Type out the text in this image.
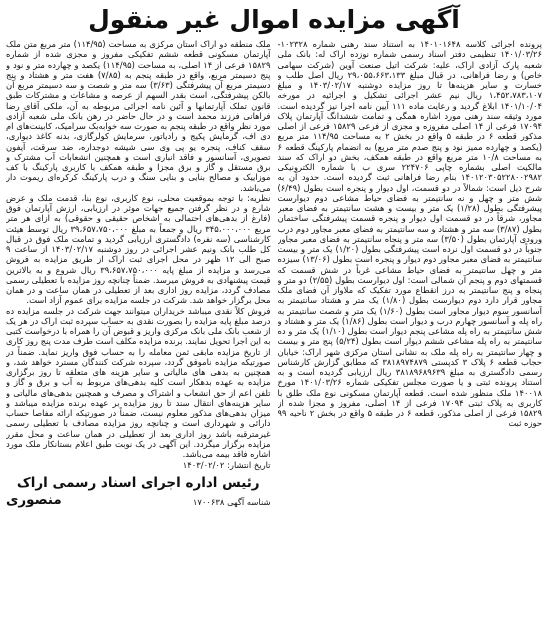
آگهی مزایده اموال غیر منقول

پرونده اجرائی کلاسه ۱۴۰۱۰۱۶۴۸ به استناد سند رهنی شماره ۱۰۲۳۲۸- ۱۴۰۱/۰۳/۲۶ تنظیمی دفتر اسناد رسمی شماره نوزده اراک له: بانک ملی شعبه پارک آزادی اراک، علیه: شرکت اتیل صنعت آوین (شرکت سهامی خاص) و رضا فراهانی، در قبال مبلغ ۲۹،۰۵۵،۶۶۳،۱۳۳ ریال اصل طلب و خسارت و سایر هزینه‌ها تا روز مزایده دوشنبه ۱۴۰۳/۰۲/۱۷ و مبلغ ۱،۴۵۲،۷۸۳،۱۰۷ ریال نیم عشر اجرائی تشکیل و اجرائیه در مورخه ۱۴۰۱/۱۰/۰۴ ابلاغ گردید و رعایت ماده ۱۱۱ آیین نامه اجرا نیز گردیده است. مورد وثیقه سند رهنی مورد اشاره همگی و تمامت ششدانگ آپارتمان پلاک ۱۷۰۹۴ فرعی از ۱۴ اصلی مفروزه و مجزی از فرعی ۱۵۸۲۹ فرعی از اصلی مذکور قطعه ۶ در طبقه ۵ واقع در بخش ۲ به مساحت ۱۱۴/۹۵ متر مربع (یکصد و چهارده ممیز نود و پنج صدم متر مربع) به انضمام پارکینگ قطعه ۶ به مساحت ۱۰/۸ متر مربع واقع در طبقه همکف، بخش دو اراک که سند مالکیت اصلی بشماره چاپی ۲۲۴۷۰۶ سری ب با شماره الکترونیکی ۱۴۰۱۲۰۳۰۵۲۲۸۰۰۲۹۸۲ بنام رضا فراهانی ثبت گردیده است. حدود آن به شرح ذیل است: شمالاً در دو قسمت، اول دیوار و پنجره است بطول (۶/۴۹) شش متر و چهل و نه سانتیمتر به فضای حیاط مشاعی دوم دیوارست پیشرفتگی بطول (۱/۲۸) یک متر و بیست و هشت سانتیمتر به فضای معبر مجاور، شرقاً در دو قسمت اول دیوار و پنجره قسمت پیشرفتگی ساختمان بطول (۳/۸۷) سه متر و هشتاد و سه سانتیمتر به فضای معبر مجاور دوم درب ورودی آپارتمان بطول (۳/۵۰) سه متر و پنجاه سانتیمتر به فضای معبر مجاور جنوباً در دو قسمت اول نرده است پیشرفتگی بطول (۱/۲۰) یک متر و بیست سانتیمتر به فضای معبر مجاور دوم دیوار و پنجره است بطول (۱۳/۰۶) سیزده متر و چهل سانتیمتر به فضای حیاط مشاعی غرباً در شش قسمت که قسمتهای دوم و پنجم آن شمالی است: اول دیوارست بطول (۲/۵۵) دو متر و پنجاه و پنج سانتیمتر به درز انقطاع مورد تفکیک که ملاواز آن فضای ملک مجاور قرار دارد دوم دیوارست بطول (۱/۸۰) یک متر و هشتاد سانتیمتر به آسانسور سوم دیوار مجاور است بطول (۱/۶۰) یک متر و شصت سانتیمتر به راه پله و آسانسور چهارم درب و دیوار است بطول (۱/۸۶) یک متر و هشتاد و شش سانتیمتر به راه پله مشاعی پنجم دیوار است بطول (۱/۱۰) یک متر و ده سانتیمتر به راه پله مشاعی ششم دیوار است بطول (۵/۲۴) پنج متر و بیست و چهار سانتیمتر به راه پله ملک به نشانی استان مرکزی شهر اراک: خیابان حجاب قطعه ۶ پلاک ۳ کدپستی ۳۸۱۸۹۷۴۸۷۹ که مطابق گزارش کارشناس رسمی دادگستری به مبلغ ۳۸۱۸۹۶۸۹۶۳۹ ریال ارزیابی گردیده است و به استناد پرونده ثبتی و یا صورت مجلس تفکیکی شماره ۱۴۰۱/۰۳/۲۶ مورخ ۱۴۰۰۱۸ ملک منظور شده است. قطعه آپارتمان مسکونی نوع ملک طلق با کاربری به پلاک ثبتی ۱۷۰۹۴ فرعی از ۱۴ اصلی، مفروز و مجزا شده از ۱۵۸۲۹ فرعی از اصلی مذکور، قطعه ۶ در طبقه ۵ واقع در بخش ۲ ناحیه ۹۹ حوزه ثبت

ملک منطقه دو اراک استان مرکزی به مساحت (۱۱۴/۹۵) متر مربع متن ملک آپارتمان مسکونی قطعه ششم تفکیکی مفروز و مجزی شده از شماره ۱۵۸۲۹ فرعی از ۱۴ اصلی، به مساحت (۱۱۴/۹۵) یکصد و چهارده متر و نود و پنج دسیمتر مربع، واقع در طبقه پنجم به (۷/۸۵) هفت متر و هشتاد و پنج دسیمتر مربع آن پیشرفتگی (۳/۶۳) سه متر و شصت و سه دسیمتر مربع آن بالکن پیشرفتگی، است بقدر السهم از عرصه و مشاعات و مشترکات طبق قانون تملک آپارتمانها و آئین نامه اجرائی مربوطه به آن، ملکی آقای رضا فراهانی فرزند محمد است و در حال حاضر در رهن بانک ملی شعبه آزادی مورد نظر واقع در طبقه پنجم به صورت سه خوابه‌بک سرامیک، کابینت‌های ام دی اف، گرمایش پکیج و رادیاتور، سرمایش کولرگازی، بدنه کاغذ دیواری، سقف کناف، پنجره یو پی وی سی شیشه دوجداره، ضد سرقت، آیفون تصویری، آسانسور و فاقد انباری است و همچنین انشعابات آب مشترک و برق مستقل و گاز و برق مجزا و طبقه همکف با کاربری پارکینگ با کف موزاییک و مصالح بنایی و بنایی سنگ و درب پارکینگ کرکره‌ای ریموت دار می‌باشد.

نظریه: با توجه بموقعیت محلی، نوع کاربری، نوع بنا، قدمت ملک و عرض شارع و در نظر گرفتن جمیع جهات موثر در ارزیابی، ارزش آپارتمان فوق (فارغ از بدهی‌های احتمالی به اشخاص حقیقی و حقوقی) به ازای هر متر مربع ۳۴۵،۰۰۰،۰۰۰ ریال و جمعاً به مبلغ ۳۹،۶۵۷،۷۵۰،۰۰۰ ریال توسط هیئت کارشناسی (سه نفره) دادگستری ارزیابی گردید و تمامت ملک فوق در قبال کل طلب بانک ونیم عشر اجرائی در روز دوشنبه ۱۴۰۳/۰۲/۱۷ از ساعت ۹ صبح الی ۱۲ ظهر در محل اجرای ثبت اراک از طریق مزایده به فروش می‌رسد و مزایده از مبلغ پایه ۳۹،۶۵۷،۷۵۰،۰۰۰ ریال شروع و به بالاترین قیمت پیشنهادی به فروش میرسد. ضمناً چنانچه روز مزایده با تعطیلی رسمی مصادف گردد، مزایده روز اداری بعد از تعطیلی در همان ساعت و در همان محل برگزار خواهد شد. شرکت در جلسه مزایده برای عموم آزاد است.

فروش کلاً نقدی میباشد خریداران میتوانند جهت شرکت در جلسه مزایده ده درصد مبلغ پایه مزایده را بصورت نقدی به حساب سپرده ثبت اراک در هر یک از شعب بانک ملی بانک مرکزی واریز و قبوض آن را همراه با درخواست کتبی به این اجرا تحویل نمایند. برنده مزایده مکلف است طرف مدت پنج روز کاری از تاریخ مزایده مابقی ثمن معامله را به حساب فوق واریز نماید. ضمناً در صورتیکه مزایده ناموفق گردد، سپرده شرکت کنندگان مسترد خواهد شد، و همچنین به بدهی های مالیاتی و سایر هزینه های متعلقه تا روز برگزاری مزایده به عهده بدهکار است کلیه بدهی‌های مربوط به آب و برق و گاز و تلفن اعم از حق انشعاب و اشتراک و مصرف و همچنین بدهی‌های مالیاتی و سایر هزینه‌های انتقال سند تا روز مزایده بر عهده برنده مزایده میباشد و میزان بدهی‌های مذکور معلوم نیست، ضمناً در صورتیکه ارائه مفاصا حساب دارائی و شهرداری است و چنانچه روز مزایده مصادف با تعطیلی رسمی غیرمترقبه باشد روز اداری بعد از تعطیلی در همان ساعت و محل مقرر مزایده برگزار میگردد. این آگهی در یک نوبت طبق اعلام بستانکار ملک مورد اشاره فاقد بیمه می‌باشد.

تاریخ انتشار: ۱۴۰۳/۰۲/۰۲
رئیس اداره اجرای اسناد رسمی اراک
شناسه آگهی ۱۷۰۰۶۳۸
منصوری
